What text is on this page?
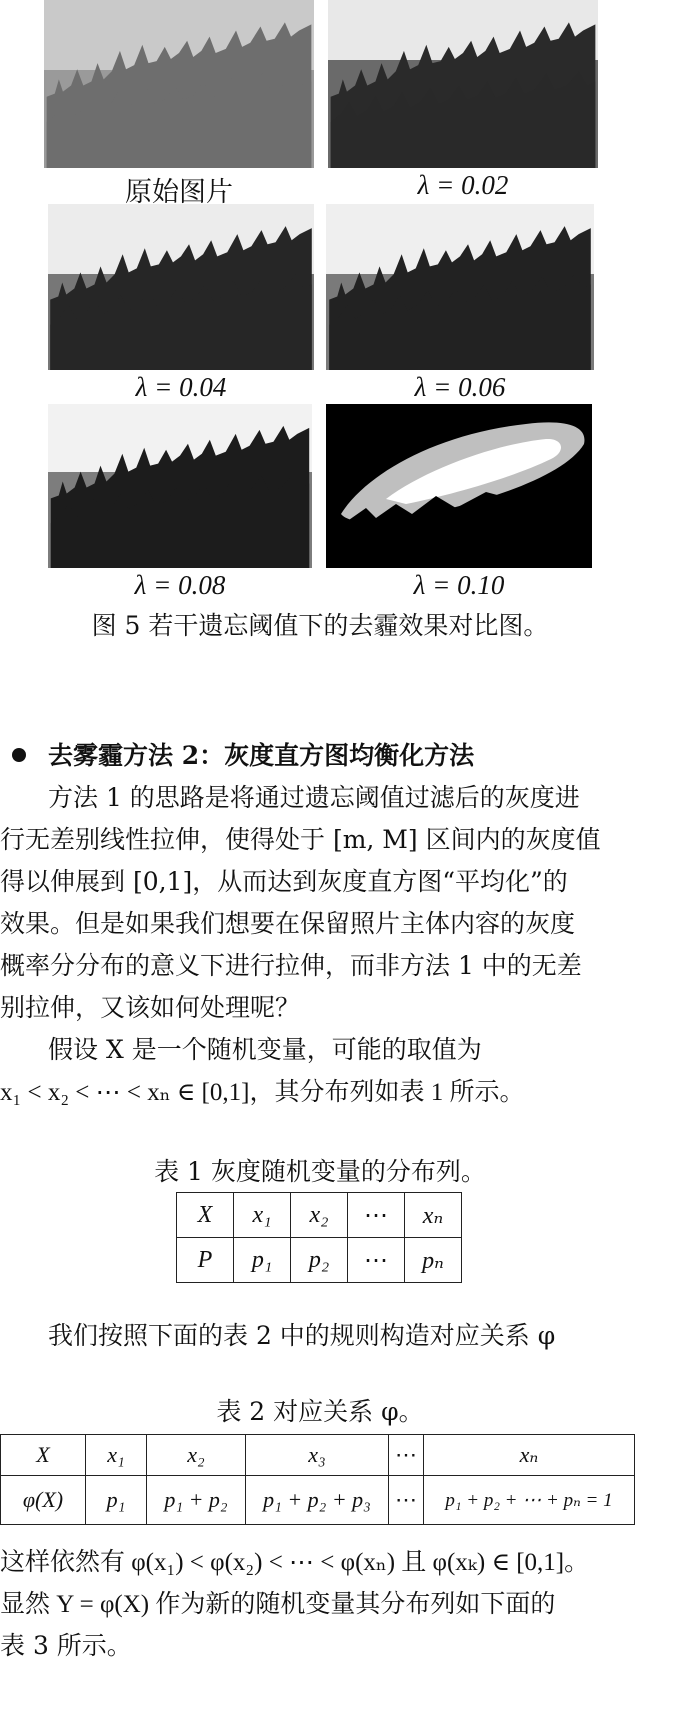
原始图片	λ = 0.02
λ = 0.04	λ = 0.06
λ = 0.08	λ = 0.10
图 5 若干遗忘阈值下的去霾效果对比图。
去雾霾方法 2：灰度直方图均衡化方法
方法 1 的思路是将通过遗忘阈值过滤后的灰度进
行无差别线性拉伸，使得处于 [m, M] 区间内的灰度值
得以伸展到 [0,1]，从而达到灰度直方图“平均化”的
效果。但是如果我们想要在保留照片主体内容的灰度
概率分分布的意义下进行拉伸，而非方法 1 中的无差
别拉伸，又该如何处理呢？
假设 X 是一个随机变量，可能的取值为
x₁ < x₂ < ⋯ < xₙ ∈ [0,1]，其分布列如表 1 所示。
表 1 灰度随机变量的分布列。
X	x₁	x₂	⋯	xₙ
P	p₁	p₂	⋯	pₙ
我们按照下面的表 2 中的规则构造对应关系 φ
表 2 对应关系 φ。
X	x₁	x₂	x₃	⋯	xₙ
φ(X)	p₁	p₁ + p₂	p₁ + p₂ + p₃	⋯	p₁ + p₂ + ⋯ + pₙ = 1
这样依然有 φ(x₁) < φ(x₂) < ⋯ < φ(xₙ) 且 φ(xₖ) ∈ [0,1]。
显然 Y = φ(X) 作为新的随机变量其分布列如下面的
表 3 所示。
